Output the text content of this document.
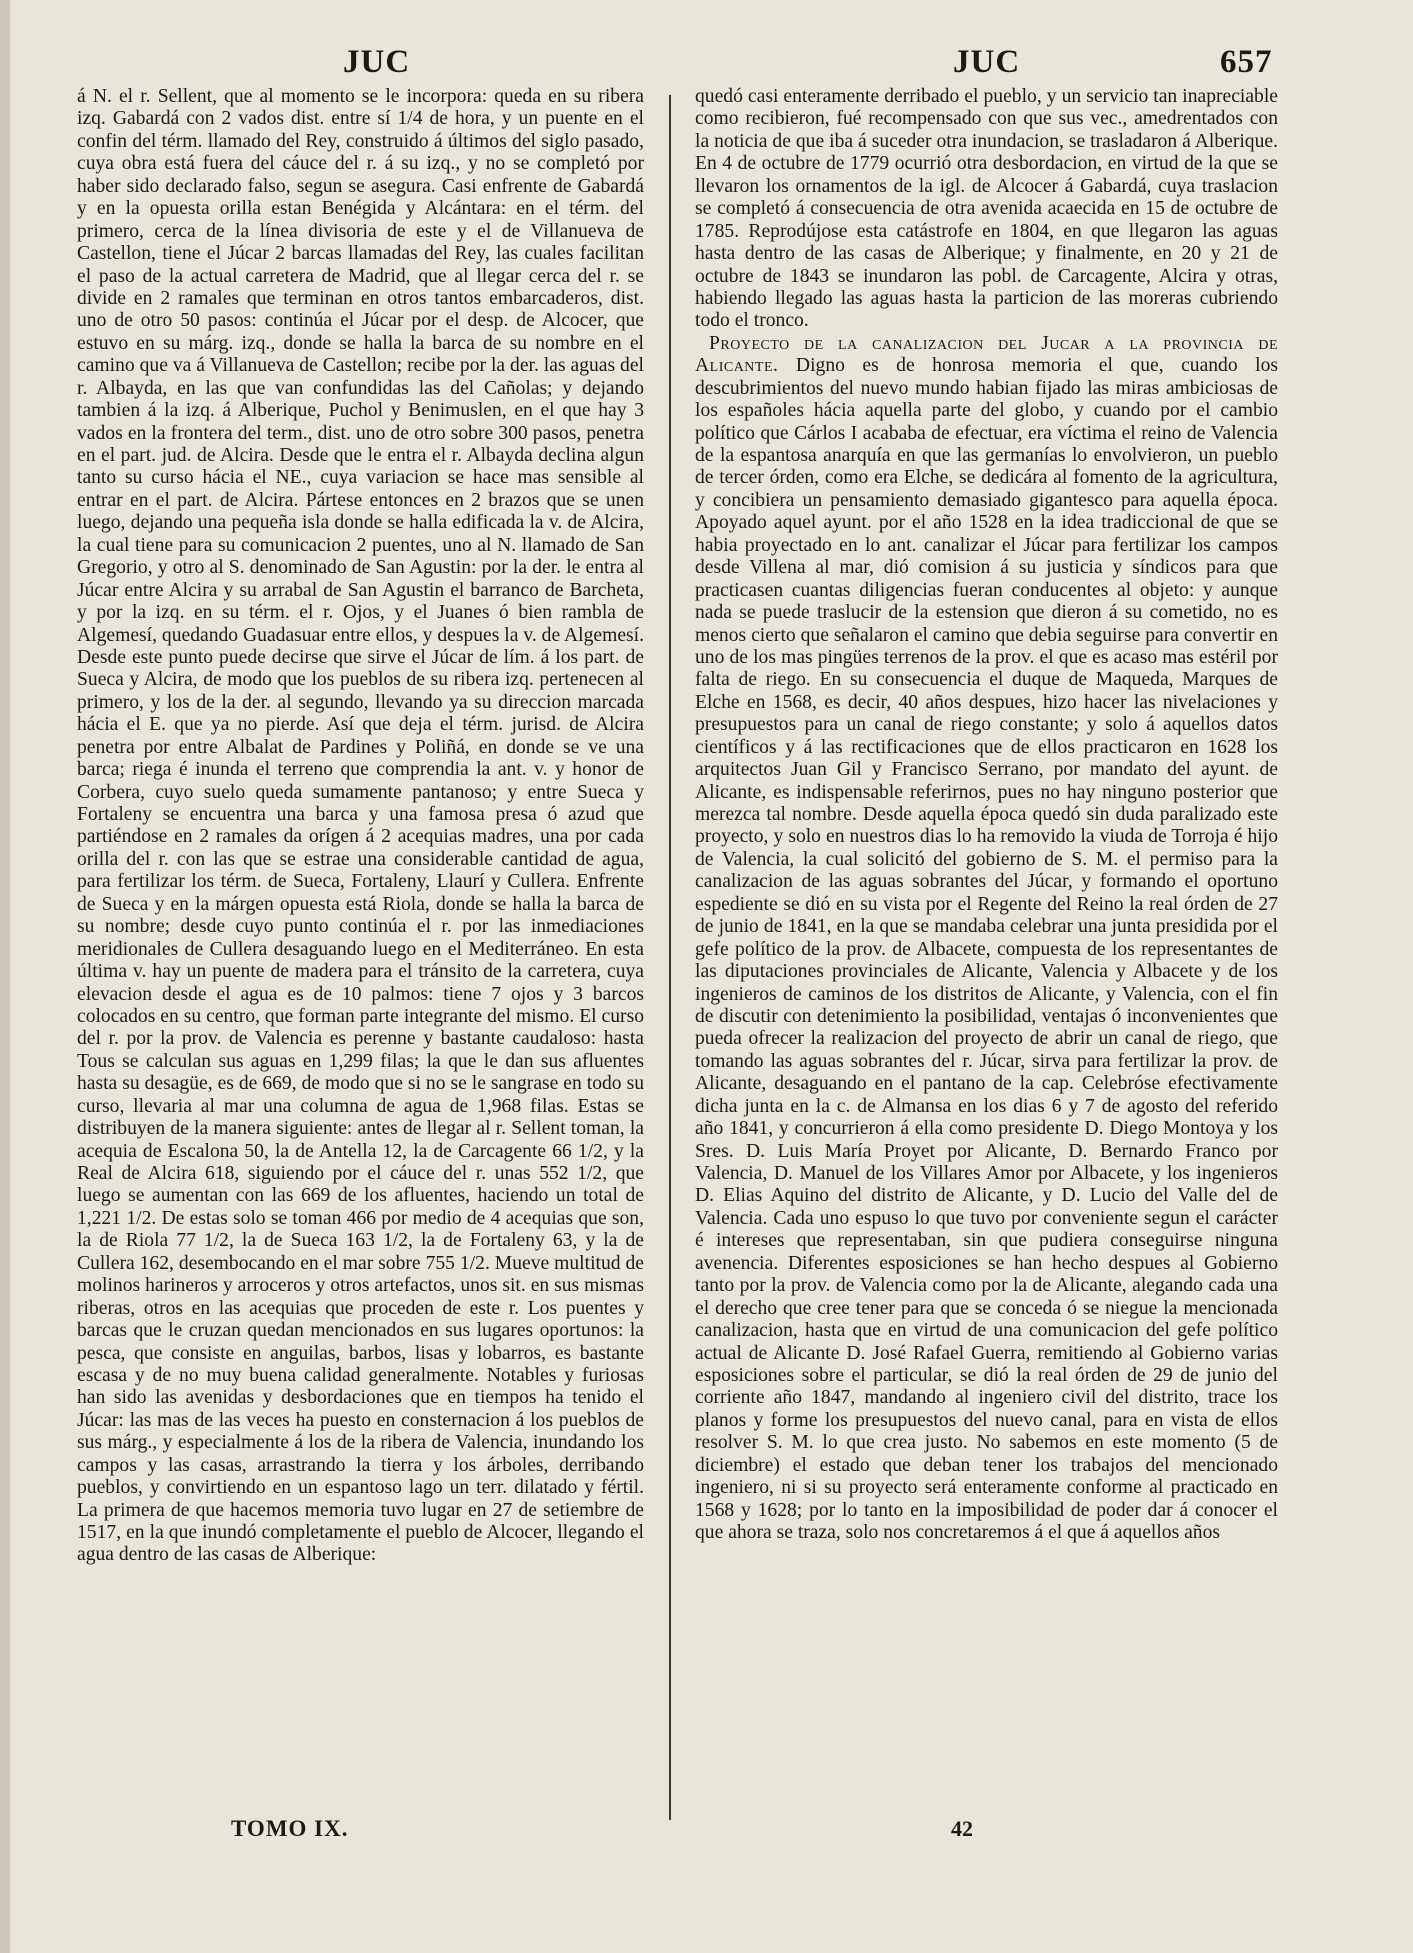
JUC	JUC	657

á N. el r. Sellent, que al momento se le incorpora: queda en su ribera izq. Gabardá con 2 vados dist. entre sí 1/4 de hora, y un puente en el confin del térm. llamado del Rey, construido á últimos del siglo pasado, cuya obra está fuera del cáuce del r. á su izq., y no se completó por haber sido declarado falso, segun se asegura. Casi enfrente de Gabardá y en la opuesta orilla estan Benégida y Alcántara: en el térm. del primero, cerca de la línea divisoria de este y el de Villanueva de Castellon, tiene el Júcar 2 barcas llamadas del Rey, las cuales facilitan el paso de la actual carretera de Madrid, que al llegar cerca del r. se divide en 2 ramales que terminan en otros tantos embarcaderos, dist. uno de otro 50 pasos: continúa el Júcar por el desp. de Alcocer, que estuvo en su márg. izq., donde se halla la barca de su nombre en el camino que va á Villanueva de Castellon; recibe por la der. las aguas del r. Albayda, en las que van confundidas las del Cañolas; y dejando tambien á la izq. á Alberique, Puchol y Benimuslen, en el que hay 3 vados en la frontera del term., dist. uno de otro sobre 300 pasos, penetra en el part. jud. de Alcira. Desde que le entra el r. Albayda declina algun tanto su curso hácia el NE., cuya variacion se hace mas sensible al entrar en el part. de Alcira. Pártese entonces en 2 brazos que se unen luego, dejando una pequeña isla donde se halla edificada la v. de Alcira, la cual tiene para su comunicacion 2 puentes, uno al N. llamado de San Gregorio, y otro al S. denominado de San Agustin: por la der. le entra al Júcar entre Alcira y su arrabal de San Agustin el barranco de Barcheta, y por la izq. en su térm. el r. Ojos, y el Juanes ó bien rambla de Algemesí, quedando Guadasuar entre ellos, y despues la v. de Algemesí. Desde este punto puede decirse que sirve el Júcar de lím. á los part. de Sueca y Alcira, de modo que los pueblos de su ribera izq. pertenecen al primero, y los de la der. al segundo, llevando ya su direccion marcada hácia el E. que ya no pierde. Así que deja el térm. jurisd. de Alcira penetra por entre Albalat de Pardines y Poliñá, en donde se ve una barca; riega é inunda el terreno que comprendia la ant. v. y honor de Corbera, cuyo suelo queda sumamente pantanoso; y entre Sueca y Fortaleny se encuentra una barca y una famosa presa ó azud que partiéndose en 2 ramales da orígen á 2 acequias madres, una por cada orilla del r. con las que se estrae una considerable cantidad de agua, para fertilizar los térm. de Sueca, Fortaleny, Llaurí y Cullera. Enfrente de Sueca y en la márgen opuesta está Riola, donde se halla la barca de su nombre; desde cuyo punto continúa el r. por las inmediaciones meridionales de Cullera desaguando luego en el Mediterráneo. En esta última v. hay un puente de madera para el tránsito de la carretera, cuya elevacion desde el agua es de 10 palmos: tiene 7 ojos y 3 barcos colocados en su centro, que forman parte integrante del mismo. El curso del r. por la prov. de Valencia es perenne y bastante caudaloso: hasta Tous se calculan sus aguas en 1,299 filas; la que le dan sus afluentes hasta su desagüe, es de 669, de modo que si no se le sangrase en todo su curso, llevaria al mar una columna de agua de 1,968 filas. Estas se distribuyen de la manera siguiente: antes de llegar al r. Sellent toman, la acequia de Escalona 50, la de Antella 12, la de Carcagente 66 1/2, y la Real de Alcira 618, siguiendo por el cáuce del r. unas 552 1/2, que luego se aumentan con las 669 de los afluentes, haciendo un total de 1,221 1/2. De estas solo se toman 466 por medio de 4 acequias que son, la de Riola 77 1/2, la de Sueca 163 1/2, la de Fortaleny 63, y la de Cullera 162, desembocando en el mar sobre 755 1/2. Mueve multitud de molinos harineros y arroceros y otros artefactos, unos sit. en sus mismas riberas, otros en las acequias que proceden de este r. Los puentes y barcas que le cruzan quedan mencionados en sus lugares oportunos: la pesca, que consiste en anguilas, barbos, lisas y lobarros, es bastante escasa y de no muy buena calidad generalmente. Notables y furiosas han sido las avenidas y desbordaciones que en tiempos ha tenido el Júcar: las mas de las veces ha puesto en consternacion á los pueblos de sus márg., y especialmente á los de la ribera de Valencia, inundando los campos y las casas, arrastrando la tierra y los árboles, derribando pueblos, y convirtiendo en un espantoso lago un terr. dilatado y fértil. La primera de que hacemos memoria tuvo lugar en 27 de setiembre de 1517, en la que inundó completamente el pueblo de Alcocer, llegando el agua dentro de las casas de Alberique:

quedó casi enteramente derribado el pueblo, y un servicio tan inapreciable como recibieron, fué recompensado con que sus vec., amedrentados con la noticia de que iba á suceder otra inundacion, se trasladaron á Alberique. En 4 de octubre de 1779 ocurrió otra desbordacion, en virtud de la que se llevaron los ornamentos de la igl. de Alcocer á Gabardá, cuya traslacion se completó á consecuencia de otra avenida acaecida en 15 de octubre de 1785. Reprodújose esta catástrofe en 1804, en que llegaron las aguas hasta dentro de las casas de Alberique; y finalmente, en 20 y 21 de octubre de 1843 se inundaron las pobl. de Carcagente, Alcira y otras, habiendo llegado las aguas hasta la particion de las moreras cubriendo todo el tronco.

Proyecto de la canalizacion del Jucar a la provincia de Alicante. Digno es de honrosa memoria el que, cuando los descubrimientos del nuevo mundo habian fijado las miras ambiciosas de los españoles hácia aquella parte del globo, y cuando por el cambio político que Cárlos I acababa de efectuar, era víctima el reino de Valencia de la espantosa anarquía en que las germanías lo envolvieron, un pueblo de tercer órden, como era Elche, se dedicára al fomento de la agricultura, y concibiera un pensamiento demasiado gigantesco para aquella época. Apoyado aquel ayunt. por el año 1528 en la idea tradiccional de que se habia proyectado en lo ant. canalizar el Júcar para fertilizar los campos desde Villena al mar, dió comision á su justicia y síndicos para que practicasen cuantas diligencias fueran conducentes al objeto: y aunque nada se puede traslucir de la estension que dieron á su cometido, no es menos cierto que señalaron el camino que debia seguirse para convertir en uno de los mas pingües terrenos de la prov. el que es acaso mas estéril por falta de riego. En su consecuencia el duque de Maqueda, Marques de Elche en 1568, es decir, 40 años despues, hizo hacer las nivelaciones y presupuestos para un canal de riego constante; y solo á aquellos datos científicos y á las rectificaciones que de ellos practicaron en 1628 los arquitectos Juan Gil y Francisco Serrano, por mandato del ayunt. de Alicante, es indispensable referirnos, pues no hay ninguno posterior que merezca tal nombre. Desde aquella época quedó sin duda paralizado este proyecto, y solo en nuestros dias lo ha removido la viuda de Torroja é hijo de Valencia, la cual solicitó del gobierno de S. M. el permiso para la canalizacion de las aguas sobrantes del Júcar, y formando el oportuno espediente se dió en su vista por el Regente del Reino la real órden de 27 de junio de 1841, en la que se mandaba celebrar una junta presidida por el gefe político de la prov. de Albacete, compuesta de los representantes de las diputaciones provinciales de Alicante, Valencia y Albacete y de los ingenieros de caminos de los distritos de Alicante, y Valencia, con el fin de discutir con detenimiento la posibilidad, ventajas ó inconvenientes que pueda ofrecer la realizacion del proyecto de abrir un canal de riego, que tomando las aguas sobrantes del r. Júcar, sirva para fertilizar la prov. de Alicante, desaguando en el pantano de la cap. Celebróse efectivamente dicha junta en la c. de Almansa en los dias 6 y 7 de agosto del referido año 1841, y concurrieron á ella como presidente D. Diego Montoya y los Sres. D. Luis María Proyet por Alicante, D. Bernardo Franco por Valencia, D. Manuel de los Villares Amor por Albacete, y los ingenieros D. Elias Aquino del distrito de Alicante, y D. Lucio del Valle del de Valencia. Cada uno espuso lo que tuvo por conveniente segun el carácter é intereses que representaban, sin que pudiera conseguirse ninguna avenencia. Diferentes esposiciones se han hecho despues al Gobierno tanto por la prov. de Valencia como por la de Alicante, alegando cada una el derecho que cree tener para que se conceda ó se niegue la mencionada canalizacion, hasta que en virtud de una comunicacion del gefe político actual de Alicante D. José Rafael Guerra, remitiendo al Gobierno varias esposiciones sobre el particular, se dió la real órden de 29 de junio del corriente año 1847, mandando al ingeniero civil del distrito, trace los planos y forme los presupuestos del nuevo canal, para en vista de ellos resolver S. M. lo que crea justo. No sabemos en este momento (5 de diciembre) el estado que deban tener los trabajos del mencionado ingeniero, ni si su proyecto será enteramente conforme al practicado en 1568 y 1628; por lo tanto en la imposibilidad de poder dar á conocer el que ahora se traza, solo nos concretaremos á el que á aquellos años

TOMO IX.	42
